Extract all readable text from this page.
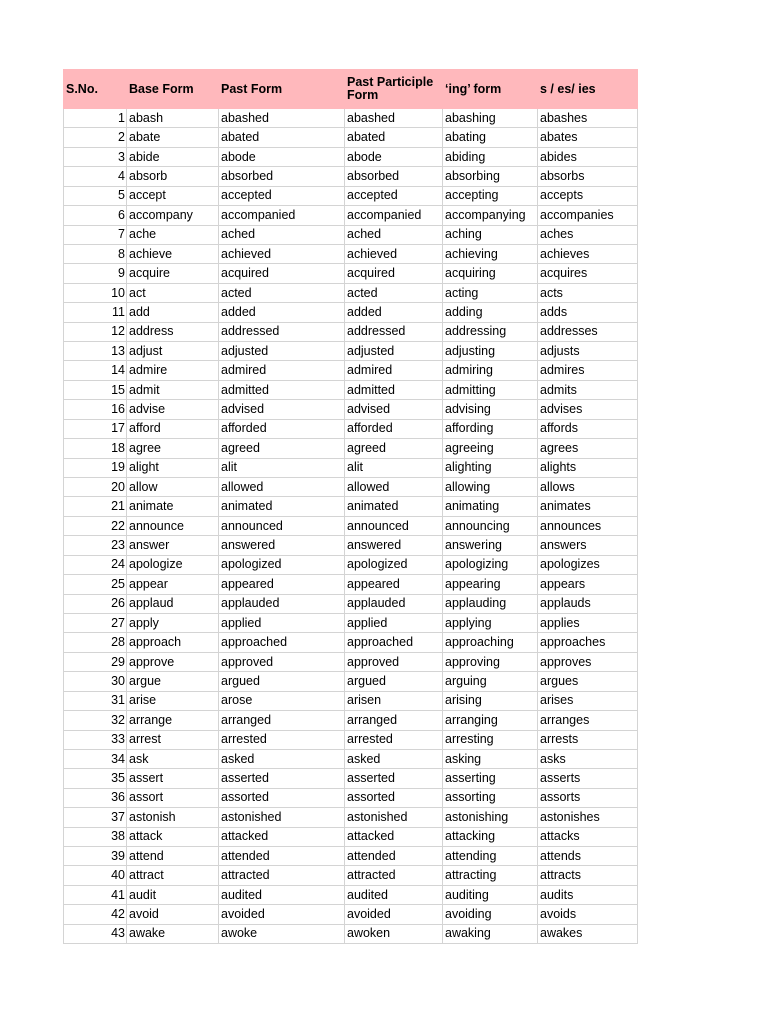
S.No.	Base Form	Past Form	Past Participle Form	‘ing’ form	s / es/ ies
1	abash	abashed	abashed	abashing	abashes
2	abate	abated	abated	abating	abates
3	abide	abode	abode	abiding	abides
4	absorb	absorbed	absorbed	absorbing	absorbs
5	accept	accepted	accepted	accepting	accepts
6	accompany	accompanied	accompanied	accompanying	accompanies
7	ache	ached	ached	aching	aches
8	achieve	achieved	achieved	achieving	achieves
9	acquire	acquired	acquired	acquiring	acquires
10	act	acted	acted	acting	acts
11	add	added	added	adding	adds
12	address	addressed	addressed	addressing	addresses
13	adjust	adjusted	adjusted	adjusting	adjusts
14	admire	admired	admired	admiring	admires
15	admit	admitted	admitted	admitting	admits
16	advise	advised	advised	advising	advises
17	afford	afforded	afforded	affording	affords
18	agree	agreed	agreed	agreeing	agrees
19	alight	alit	alit	alighting	alights
20	allow	allowed	allowed	allowing	allows
21	animate	animated	animated	animating	animates
22	announce	announced	announced	announcing	announces
23	answer	answered	answered	answering	answers
24	apologize	apologized	apologized	apologizing	apologizes
25	appear	appeared	appeared	appearing	appears
26	applaud	applauded	applauded	applauding	applauds
27	apply	applied	applied	applying	applies
28	approach	approached	approached	approaching	approaches
29	approve	approved	approved	approving	approves
30	argue	argued	argued	arguing	argues
31	arise	arose	arisen	arising	arises
32	arrange	arranged	arranged	arranging	arranges
33	arrest	arrested	arrested	arresting	arrests
34	ask	asked	asked	asking	asks
35	assert	asserted	asserted	asserting	asserts
36	assort	assorted	assorted	assorting	assorts
37	astonish	astonished	astonished	astonishing	astonishes
38	attack	attacked	attacked	attacking	attacks
39	attend	attended	attended	attending	attends
40	attract	attracted	attracted	attracting	attracts
41	audit	audited	audited	auditing	audits
42	avoid	avoided	avoided	avoiding	avoids
43	awake	awoke	awoken	awaking	awakes
